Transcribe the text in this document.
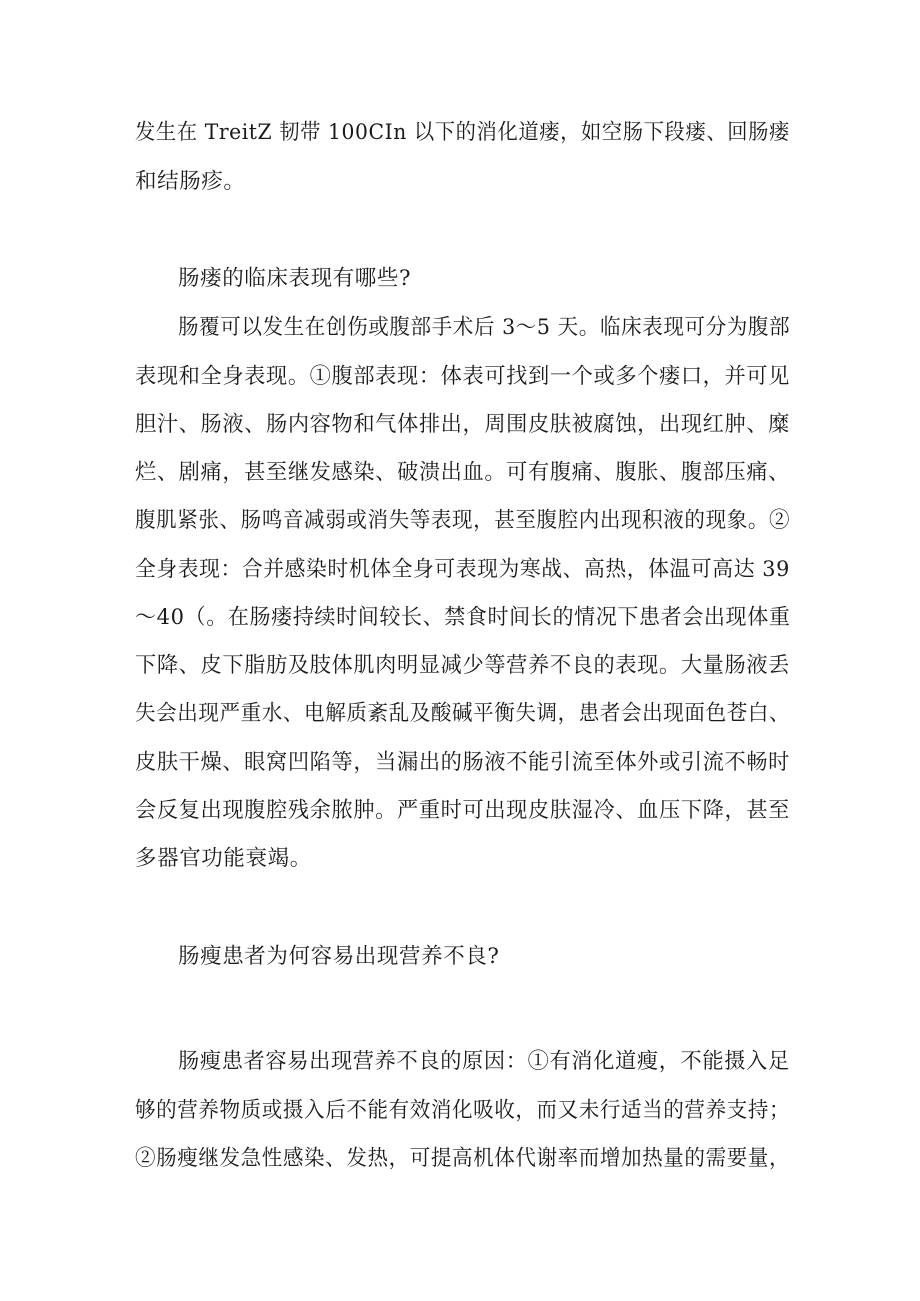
发生在 TreitZ 韧带 100CIn 以下的消化道瘘，如空肠下段瘘、回肠瘘
和结肠疹。
肠瘘的临床表现有哪些?
肠覆可以发生在创伤或腹部手术后 3～5 天。临床表现可分为腹部
表现和全身表现。①腹部表现：体表可找到一个或多个瘘口，并可见
胆汁、肠液、肠内容物和气体排出，周围皮肤被腐蚀，出现红肿、糜
烂、剧痛，甚至继发感染、破溃出血。可有腹痛、腹胀、腹部压痛、
腹肌紧张、肠鸣音减弱或消失等表现，甚至腹腔内出现积液的现象。②
全身表现：合并感染时机体全身可表现为寒战、高热，体温可高达 39
～40（。在肠瘘持续时间较长、禁食时间长的情况下患者会出现体重
下降、皮下脂肪及肢体肌肉明显减少等营养不良的表现。大量肠液丢
失会出现严重水、电解质紊乱及酸碱平衡失调，患者会出现面色苍白、
皮肤干燥、眼窝凹陷等，当漏出的肠液不能引流至体外或引流不畅时
会反复出现腹腔残余脓肿。严重时可出现皮肤湿冷、血压下降，甚至
多器官功能衰竭。
肠瘦患者为何容易出现营养不良?
肠瘦患者容易出现营养不良的原因：①有消化道瘦，不能摄入足
够的营养物质或摄入后不能有效消化吸收，而又未行适当的营养支持；
②肠瘦继发急性感染、发热，可提高机体代谢率而增加热量的需要量，
